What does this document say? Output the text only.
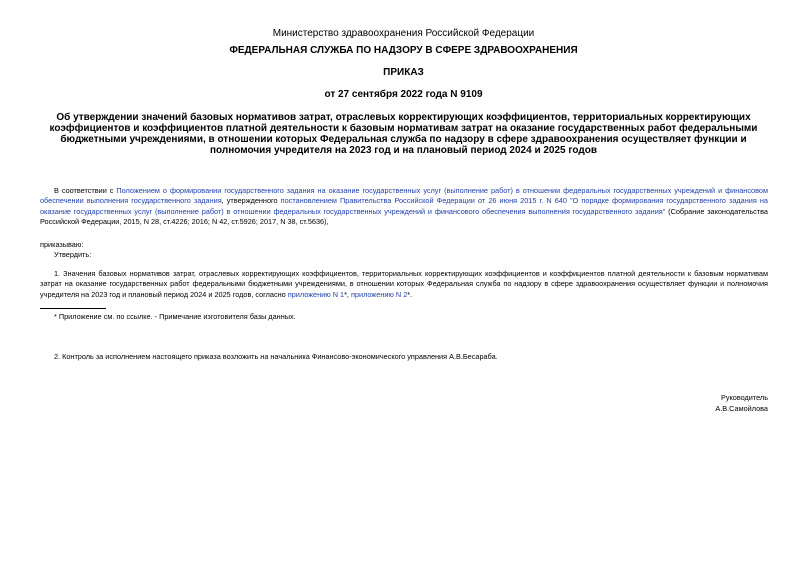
Министерство здравоохранения Российской Федерации
ФЕДЕРАЛЬНАЯ СЛУЖБА ПО НАДЗОРУ В СФЕРЕ ЗДРАВООХРАНЕНИЯ
ПРИКАЗ
от 27 сентября 2022 года N 9109
Об утверждении значений базовых нормативов затрат, отраслевых корректирующих коэффициентов, территориальных корректирующих коэффициентов и коэффициентов платной деятельности к базовым нормативам затрат на оказание государственных работ федеральными бюджетными учреждениями, в отношении которых Федеральная служба по надзору в сфере здравоохранения осуществляет функции и полномочия учредителя на 2023 год и на плановый период 2024 и 2025 годов

В соответствии с Положением о формировании государственного задания на оказание государственных услуг (выполнение работ) в отношении федеральных государственных учреждений и финансовом обеспечении выполнения государственного задания, утвержденного постановлением Правительства Российской Федерации от 26 июня 2015 г. N 640 "О порядке формирования государственного задания на оказание государственных услуг (выполнение работ) в отношении федеральных государственных учреждений и финансового обеспечения выполнения государственного задания" (Собрание законодательства Российской Федерации, 2015, N 28, ст.4226; 2016; N 42, ст.5926; 2017, N 38, ст.5636),

приказываю:
Утвердить:

1. Значения базовых нормативов затрат, отраслевых корректирующих коэффициентов, территориальных корректирующих коэффициентов и коэффициентов платной деятельности к базовым нормативам затрат на оказание государственных работ федеральными бюджетными учреждениями, в отношении которых Федеральная служба по надзору в сфере здравоохранения осуществляет функции и полномочия учредителя на 2023 год и плановый период 2024 и 2025 годов, согласно приложению N 1*, приложению N 2*.

* Приложение см. по ссылке. - Примечание изготовителя базы данных.
2. Контроль за исполнением настоящего приказа возложить на начальника Финансово-экономического управления А.В.Бесараба.
Руководитель
А.В.Самойлова
